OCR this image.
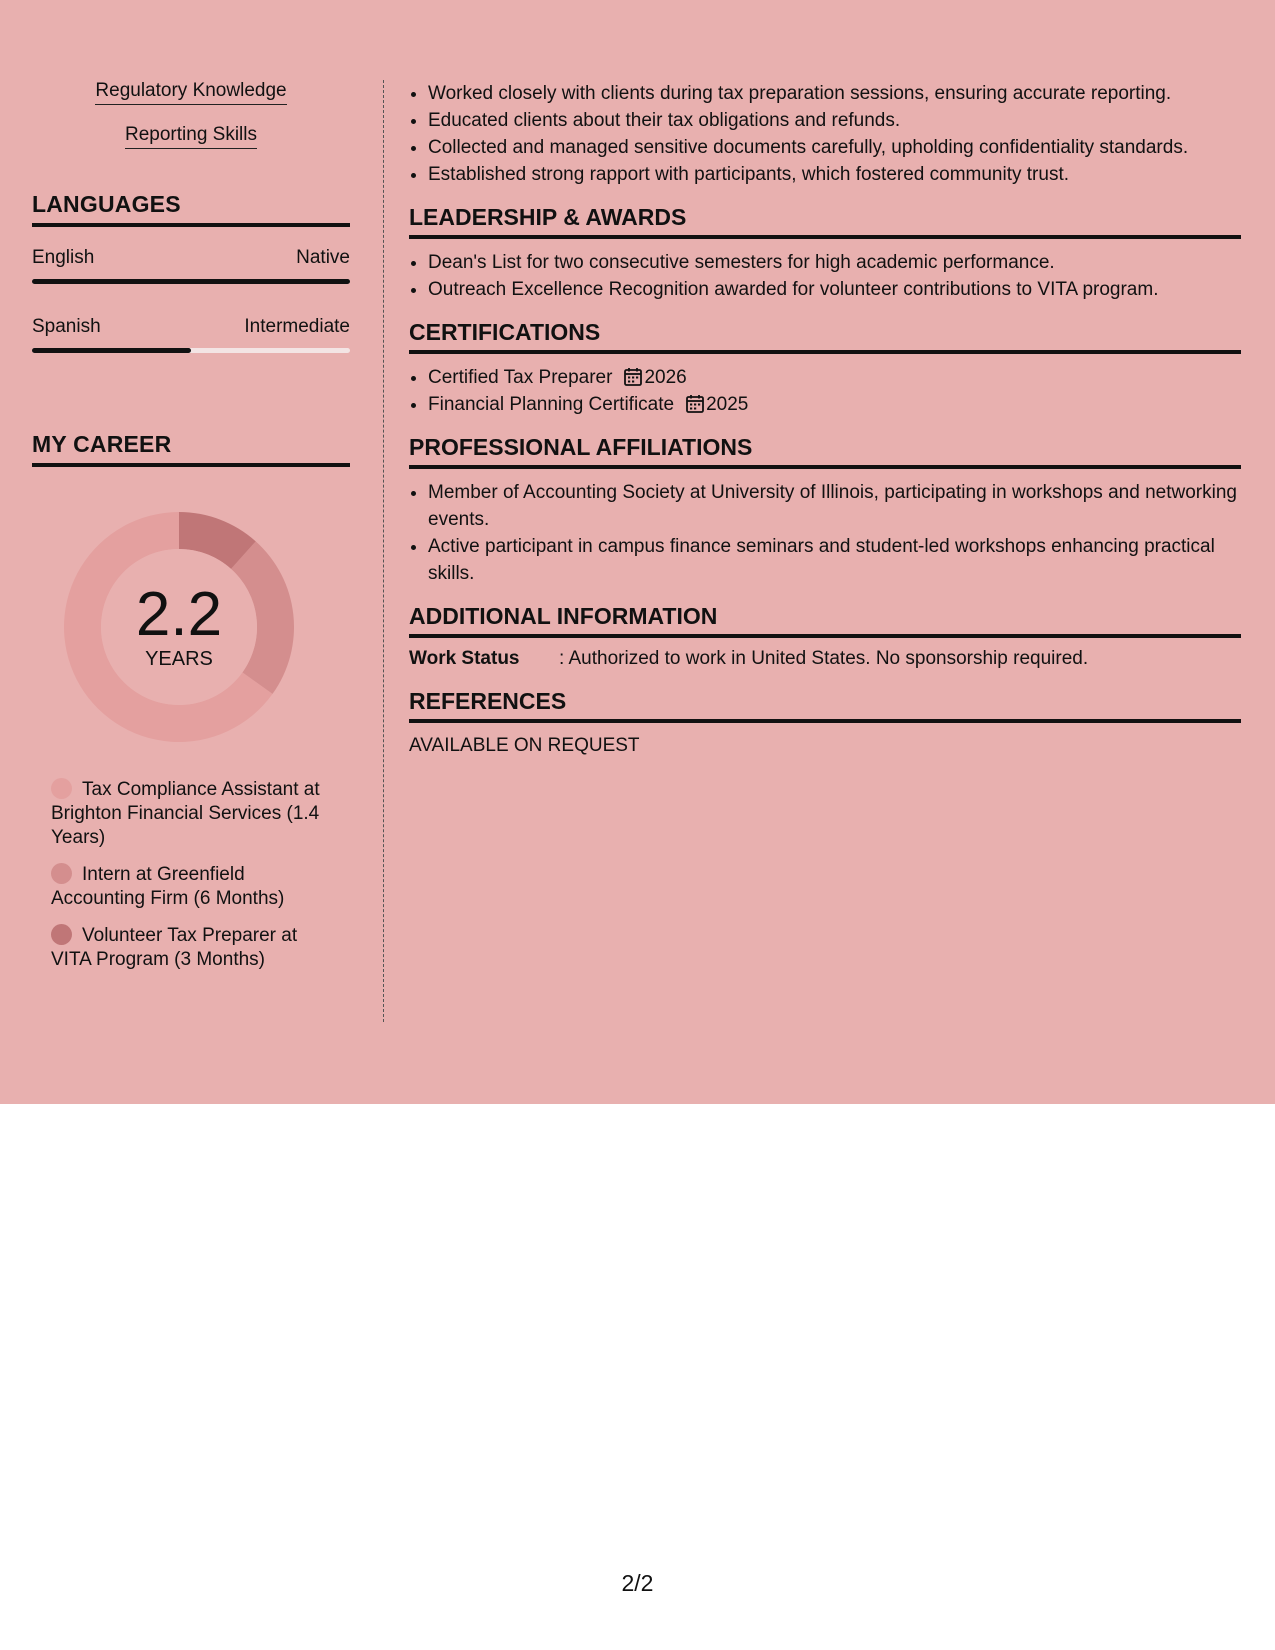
Regulatory Knowledge
Reporting Skills
LANGUAGES
English	Native
Spanish	Intermediate
MY CAREER
2.2
YEARS
Tax Compliance Assistant at Brighton Financial Services (1.4 Years)
Intern at Greenfield Accounting Firm (6 Months)
Volunteer Tax Preparer at VITA Program (3 Months)
• Worked closely with clients during tax preparation sessions, ensuring accurate reporting.
• Educated clients about their tax obligations and refunds.
• Collected and managed sensitive documents carefully, upholding confidentiality standards.
• Established strong rapport with participants, which fostered community trust.
LEADERSHIP & AWARDS
• Dean's List for two consecutive semesters for high academic performance.
• Outreach Excellence Recognition awarded for volunteer contributions to VITA program.
CERTIFICATIONS
• Certified Tax Preparer 2026
• Financial Planning Certificate 2025
PROFESSIONAL AFFILIATIONS
• Member of Accounting Society at University of Illinois, participating in workshops and networking events.
• Active participant in campus finance seminars and student-led workshops enhancing practical skills.
ADDITIONAL INFORMATION
Work Status : Authorized to work in United States. No sponsorship required.
REFERENCES
AVAILABLE ON REQUEST
2/2
